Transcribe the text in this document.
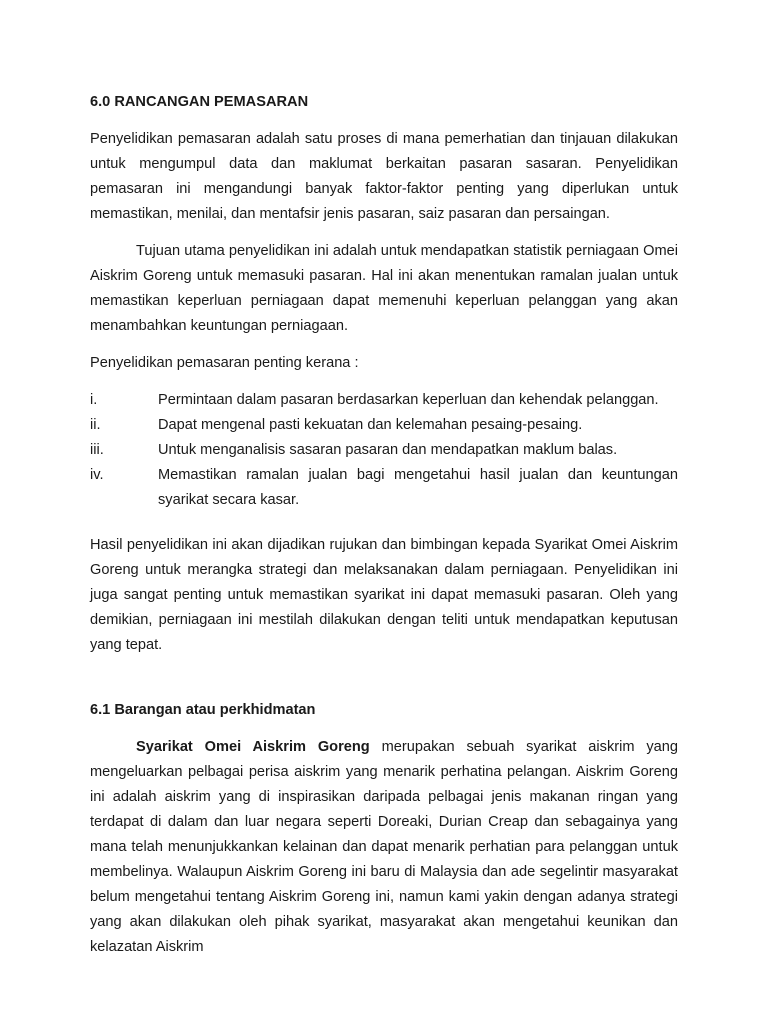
6.0 RANCANGAN PEMASARAN

Penyelidikan pemasaran adalah satu proses di mana pemerhatian dan tinjauan dilakukan untuk mengumpul data dan maklumat berkaitan pasaran sasaran. Penyelidikan pemasaran ini mengandungi banyak faktor-faktor penting yang diperlukan untuk memastikan, menilai, dan mentafsir jenis pasaran, saiz pasaran dan persaingan.

Tujuan utama penyelidikan ini adalah untuk mendapatkan statistik perniagaan Omei Aiskrim Goreng untuk memasuki pasaran. Hal ini akan menentukan ramalan jualan untuk memastikan keperluan perniagaan dapat memenuhi keperluan pelanggan yang akan menambahkan keuntungan perniagaan.

Penyelidikan pemasaran penting kerana :

i.	Permintaan dalam pasaran berdasarkan keperluan dan kehendak pelanggan.
ii.	Dapat mengenal pasti kekuatan dan kelemahan pesaing-pesaing.
iii.	Untuk menganalisis sasaran pasaran dan mendapatkan maklum balas.
iv.	Memastikan ramalan jualan bagi mengetahui hasil jualan dan keuntungan syarikat secara kasar.

Hasil penyelidikan ini akan dijadikan rujukan dan bimbingan kepada Syarikat Omei Aiskrim Goreng untuk merangka strategi dan melaksanakan dalam perniagaan. Penyelidikan ini juga sangat penting untuk memastikan syarikat ini dapat memasuki pasaran. Oleh yang demikian, perniagaan ini mestilah dilakukan dengan teliti untuk mendapatkan keputusan yang tepat.

6.1 Barangan atau perkhidmatan

Syarikat Omei Aiskrim Goreng merupakan sebuah syarikat aiskrim yang mengeluarkan pelbagai perisa aiskrim yang menarik perhatina pelangan. Aiskrim Goreng ini adalah aiskrim yang di inspirasikan daripada pelbagai jenis makanan ringan yang terdapat di dalam dan luar negara seperti Doreaki, Durian Creap dan sebagainya yang mana telah menunjukkankan kelainan dan dapat menarik perhatian para pelanggan untuk membelinya. Walaupun Aiskrim Goreng ini baru di Malaysia dan ade segelintir masyarakat belum mengetahui tentang Aiskrim Goreng ini, namun kami yakin dengan adanya strategi yang akan dilakukan oleh pihak syarikat, masyarakat akan mengetahui keunikan dan kelazatan Aiskrim
